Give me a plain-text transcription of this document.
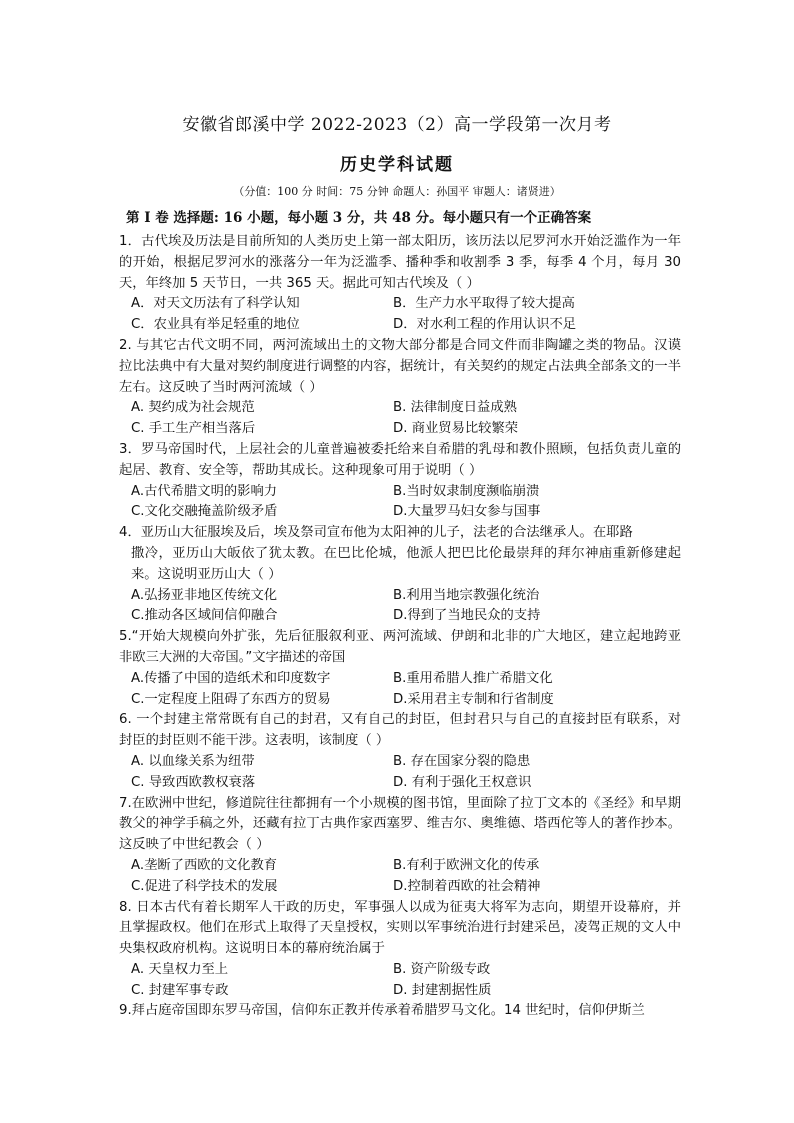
安徽省郎溪中学 2022-2023（2）高一学段第一次月考
历史学科试题
（分值：100 分 时间：75 分钟 命题人：孙国平 审题人：诸贤进）
第 I 卷 选择题: 16 小题，每小题 3 分，共 48 分。每小题只有一个正确答案

1．古代埃及历法是目前所知的人类历史上第一部太阳历，该历法以尼罗河水开始泛滥作为一年的开始，根据尼罗河水的涨落分一年为泛滥季、播种季和收割季 3 季，每季 4 个月，每月 30 天，年终加 5 天节日，一共 365 天。据此可知古代埃及（ ）

A．对天文历法有了科学认知	B．生产力水平取得了较大提高
C．农业具有举足轻重的地位	D．对水利工程的作用认识不足

2. 与其它古代文明不同，两河流域出土的文物大部分都是合同文件而非陶罐之类的物品。汉谟拉比法典中有大量对契约制度进行调整的内容，据统计，有关契约的规定占法典全部条文的一半左右。这反映了当时两河流域（ ）

A. 契约成为社会规范	B. 法律制度日益成熟
C. 手工生产相当落后	D. 商业贸易比较繁荣

3．罗马帝国时代，上层社会的儿童普遍被委托给来自希腊的乳母和教仆照顾，包括负责儿童的起居、教育、安全等，帮助其成长。这种现象可用于说明（ ）

A.古代希腊文明的影响力	B.当时奴隶制度濒临崩溃
C.文化交融掩盖阶级矛盾	D.大量罗马妇女参与国事

4．亚历山大征服埃及后，埃及祭司宣布他为太阳神的儿子，法老的合法继承人。在耶路

撒冷，亚历山大皈依了犹太教。在巴比伦城，他派人把巴比伦最崇拜的拜尔神庙重新修建起来。这说明亚历山大（ ）

A.弘扬亚非地区传统文化	B.利用当地宗教强化统治
C.推动各区域间信仰融合	D.得到了当地民众的支持

5.“开始大规模向外扩张，先后征服叙利亚、两河流域、伊朗和北非的广大地区，建立起地跨亚非欧三大洲的大帝国。”文字描述的帝国

A.传播了中国的造纸术和印度数字	B.重用希腊人推广希腊文化
C.一定程度上阻碍了东西方的贸易	D.采用君主专制和行省制度

6. 一个封建主常常既有自己的封君，又有自己的封臣，但封君只与自己的直接封臣有联系，对封臣的封臣则不能干涉。这表明，该制度（ ）

A. 以血缘关系为纽带	B. 存在国家分裂的隐患
C. 导致西欧教权衰落	D. 有利于强化王权意识

7.在欧洲中世纪，修道院往往都拥有一个小规模的图书馆，里面除了拉丁文本的《圣经》和早期教父的神学手稿之外，还藏有拉丁古典作家西塞罗、维吉尔、奥维德、塔西佗等人的著作抄本。这反映了中世纪教会（ ）

A.垄断了西欧的文化教育	B.有利于欧洲文化的传承
C.促进了科学技术的发展	D.控制着西欧的社会精神

8. 日本古代有着长期军人干政的历史，军事强人以成为征夷大将军为志向，期望开设幕府，并且掌握政权。他们在形式上取得了天皇授权，实则以军事统治进行封建采邑，凌驾正规的文人中央集权政府机构。这说明日本的幕府统治属于

A. 天皇权力至上	B. 资产阶级专政
C. 封建军事专政	D. 封建割据性质

9.拜占庭帝国即东罗马帝国，信仰东正教并传承着希腊罗马文化。14 世纪时，信仰伊斯兰
